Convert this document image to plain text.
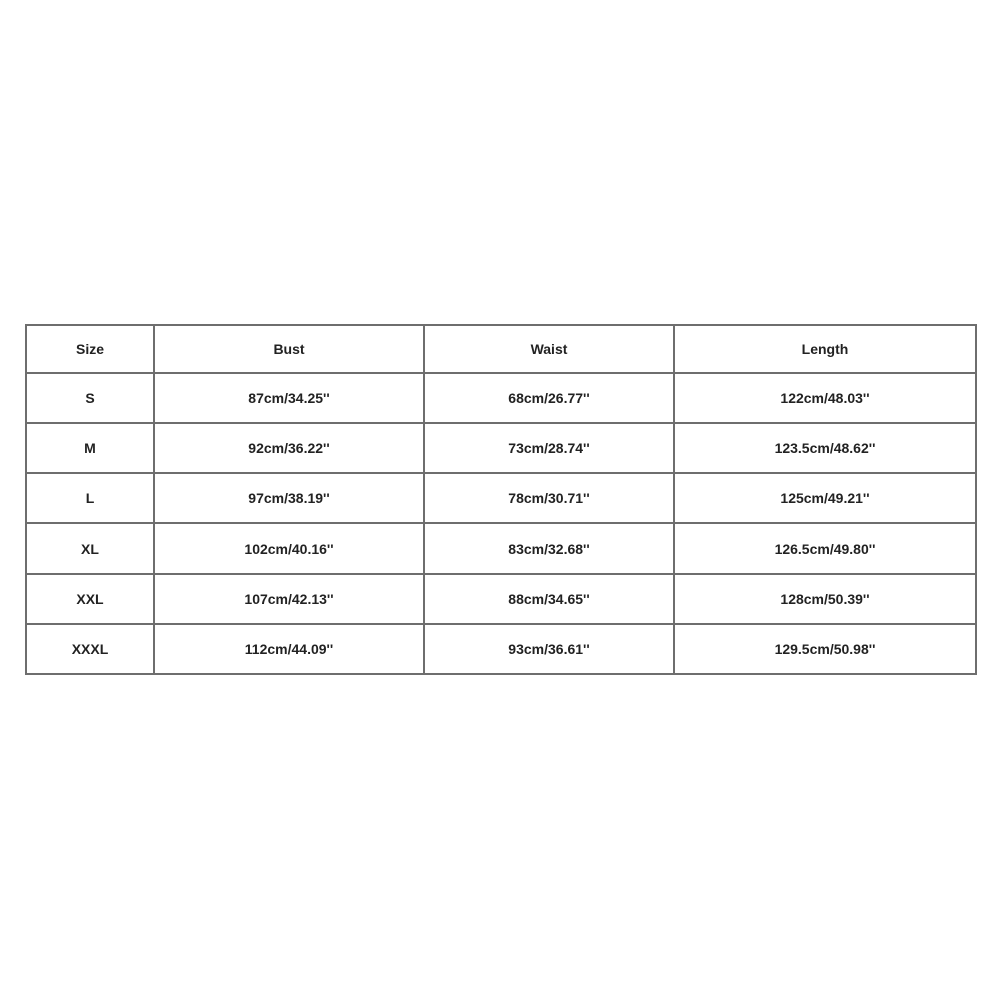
Size	Bust	Waist	Length
S	87cm/34.25''	68cm/26.77''	122cm/48.03''
M	92cm/36.22''	73cm/28.74''	123.5cm/48.62''
L	97cm/38.19''	78cm/30.71''	125cm/49.21''
XL	102cm/40.16''	83cm/32.68''	126.5cm/49.80''
XXL	107cm/42.13''	88cm/34.65''	128cm/50.39''
XXXL	112cm/44.09''	93cm/36.61''	129.5cm/50.98''
